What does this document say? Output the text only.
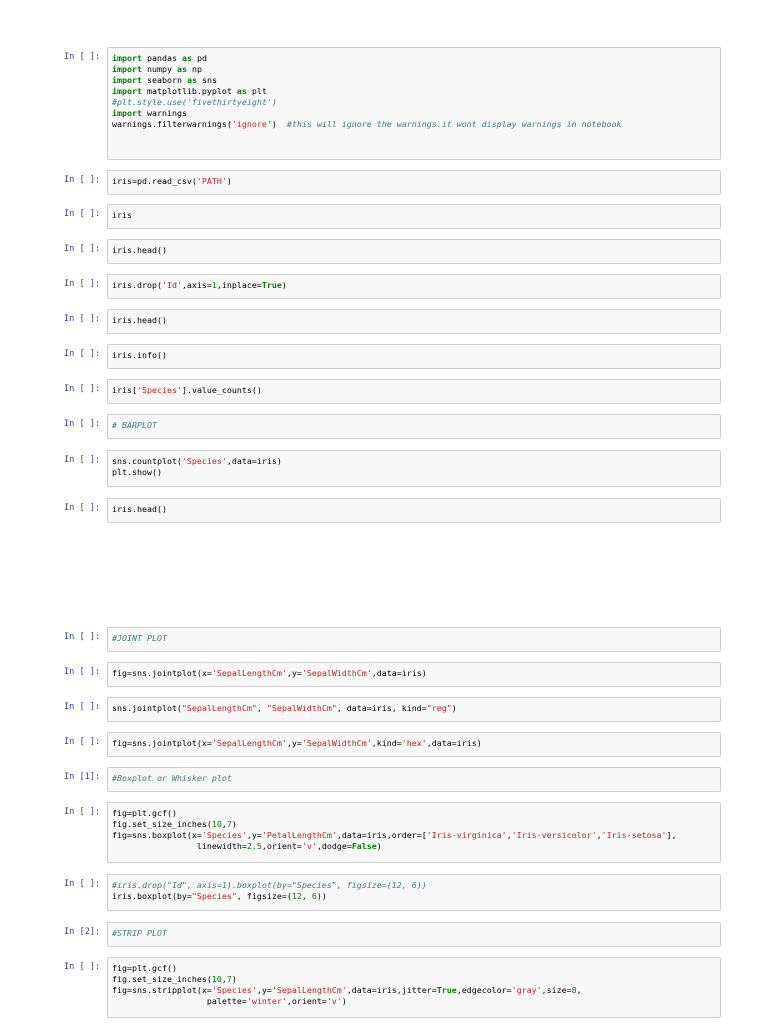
In [ ]: import pandas as pd
import numpy as np
import seaborn as sns
import matplotlib.pyplot as plt
#plt.style.use('fivethirtyeight')
import warnings
warnings.filterwarnings('ignore')  #this will ignore the warnings.it wont display warnings in notebook
In [ ]: iris=pd.read_csv('PATH')
In [ ]: iris
In [ ]: iris.head()
In [ ]: iris.drop('Id',axis=1,inplace=True)
In [ ]: iris.head()
In [ ]: iris.info()
In [ ]: iris['Species'].value_counts()
In [ ]: # BARPLOT
In [ ]: sns.countplot('Species',data=iris)
plt.show()
In [ ]: iris.head()
In [ ]: #JOINT PLOT
In [ ]: fig=sns.jointplot(x='SepalLengthCm',y='SepalWidthCm',data=iris)
In [ ]: sns.jointplot("SepalLengthCm", "SepalWidthCm", data=iris, kind="reg")
In [ ]: fig=sns.jointplot(x='SepalLengthCm',y='SepalWidthCm',kind='hex',data=iris)
In [1]: #Boxplot or Whisker plot
In [ ]: fig=plt.gcf()
fig.set_size_inches(10,7)
fig=sns.boxplot(x='Species',y='PetalLengthCm',data=iris,order=['Iris-virginica','Iris-versicolor','Iris-setosa'],
linewidth=2.5,orient='v',dodge=False)
In [ ]: #iris.drop("Id", axis=1).boxplot(by="Species", figsize=(12, 6))
iris.boxplot(by="Species", figsize=(12, 6))
In [2]: #STRIP PLOT
In [ ]: fig=plt.gcf()
fig.set_size_inches(10,7)
fig=sns.stripplot(x='Species',y='SepalLengthCm',data=iris,jitter=True,edgecolor='gray',size=8,
palette='winter',orient='v')
